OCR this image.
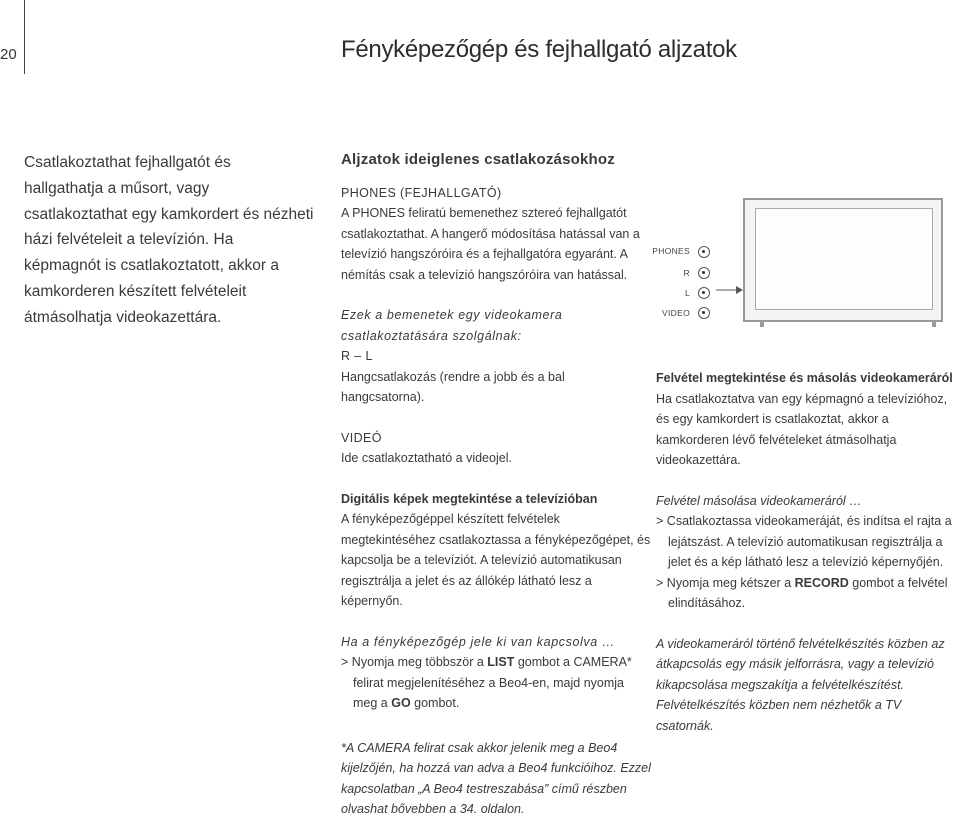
20	Fényképezőgép és fejhallgató aljzatok

Csatlakoztathat fejhallgatót és hallgathatja a műsort, vagy csatlakoztathat egy kamkordert és nézheti házi felvételeit a televízión. Ha képmagnót is csatlakoztatott, akkor a kamkorderen készített felvételeit átmásolhatja videokazettára.

Aljzatok ideiglenes csatlakozásokhoz

PHONES (FEJHALLGATÓ)

A PHONES feliratú bemenethez sztereó fejhallgatót csatlakoztathat. A hangerő módosítása hatással van a televízió hangszóróira és a fejhallgatóra egyaránt. A némítás csak a televízió hangszóróira van hatással.

Ezek a bemenetek egy videokamera csatlakoztatására szolgálnak:

R – L

Hangcsatlakozás (rendre a jobb és a bal hangcsatorna).

VIDEÓ

Ide csatlakoztatható a videojel.

Digitális képek megtekintése a televízióban

A fényképezőgéppel készített felvételek megtekintéséhez csatlakoztassa a fényképezőgépet, és kapcsolja be a televíziót. A televízió automatikusan regisztrálja a jelet és az állókép látható lesz a képernyőn.

Ha a fényképezőgép jele ki van kapcsolva …

> Nyomja meg többször a LIST gombot a CAMERA* felirat megjelenítéséhez a Beo4-en, majd nyomja meg a GO gombot.

*A CAMERA felirat csak akkor jelenik meg a Beo4 kijelzőjén, ha hozzá van adva a Beo4 funkcióihoz. Ezzel kapcsolatban „A Beo4 testreszabása” című részben olvashat bővebben a 34. oldalon.

PHONES
R
L
VIDEO

Felvétel megtekintése és másolás videokameráról

Ha csatlakoztatva van egy képmagnó a televízióhoz, és egy kamkordert is csatlakoztat, akkor a kamkorderen lévő felvételeket átmásolhatja videokazettára.

Felvétel másolása videokameráról …

> Csatlakoztassa videokameráját, és indítsa el rajta a lejátszást. A televízió automatikusan regisztrálja a jelet és a kép látható lesz a televízió képernyőjén.

> Nyomja meg kétszer a RECORD gombot a felvétel elindításához.

A videokameráról történő felvételkészítés közben az átkapcsolás egy másik jelforrásra, vagy a televízió kikapcsolása megszakítja a felvételkészítést.

Felvételkészítés közben nem nézhetők a TV csatornák.
